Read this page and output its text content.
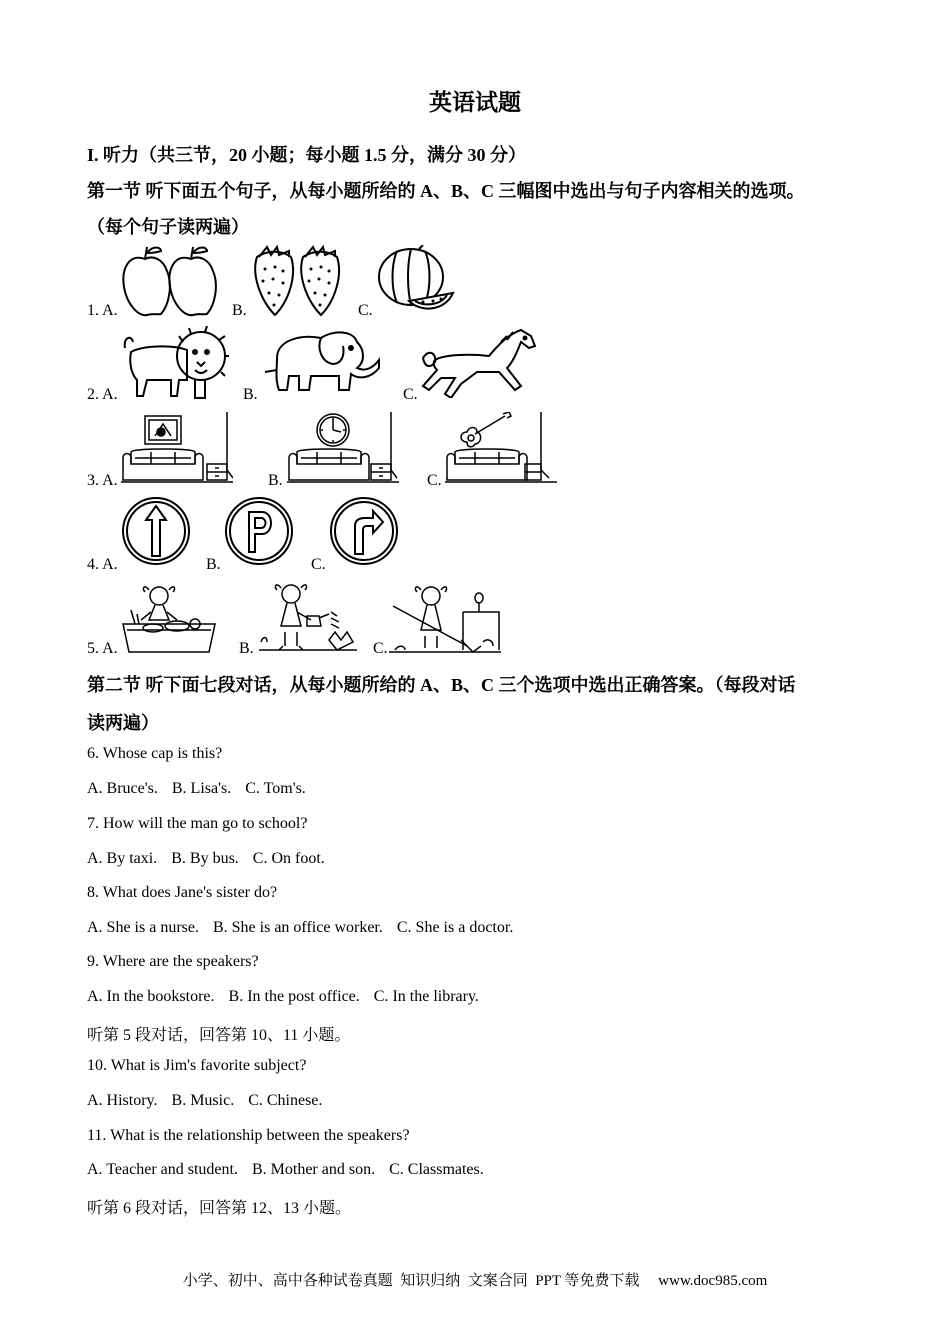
英语试题
I. 听力（共三节，20 小题；每小题 1.5 分，满分 30 分）
第一节 听下面五个句子，从每小题所给的 A、B、C 三幅图中选出与句子内容相关的选项。
（每个句子读两遍）
1. A.	B.	C.
2. A.	B.	C.
3. A.	B.	C.
4. A.	B.	C.
5. A.	B.	C.
第二节 听下面七段对话，从每小题所给的 A、B、C 三个选项中选出正确答案。（每段对话
读两遍）
6. Whose cap is this?
A. Bruce's. B. Lisa's. C. Tom's.
7. How will the man go to school?
A. By taxi. B. By bus. C. On foot.
8. What does Jane's sister do?
A. She is a nurse. B. She is an office worker. C. She is a doctor.
9. Where are the speakers?
A. In the bookstore. B. In the post office. C. In the library.
听第 5 段对话，回答第 10、11 小题。
10. What is Jim's favorite subject?
A. History. B. Music. C. Chinese.
11. What is the relationship between the speakers?
A. Teacher and student. B. Mother and son. C. Classmates.
听第 6 段对话，回答第 12、13 小题。
小学、初中、高中各种试卷真题  知识归纳  文案合同  PPT 等免费下载     www.doc985.com
